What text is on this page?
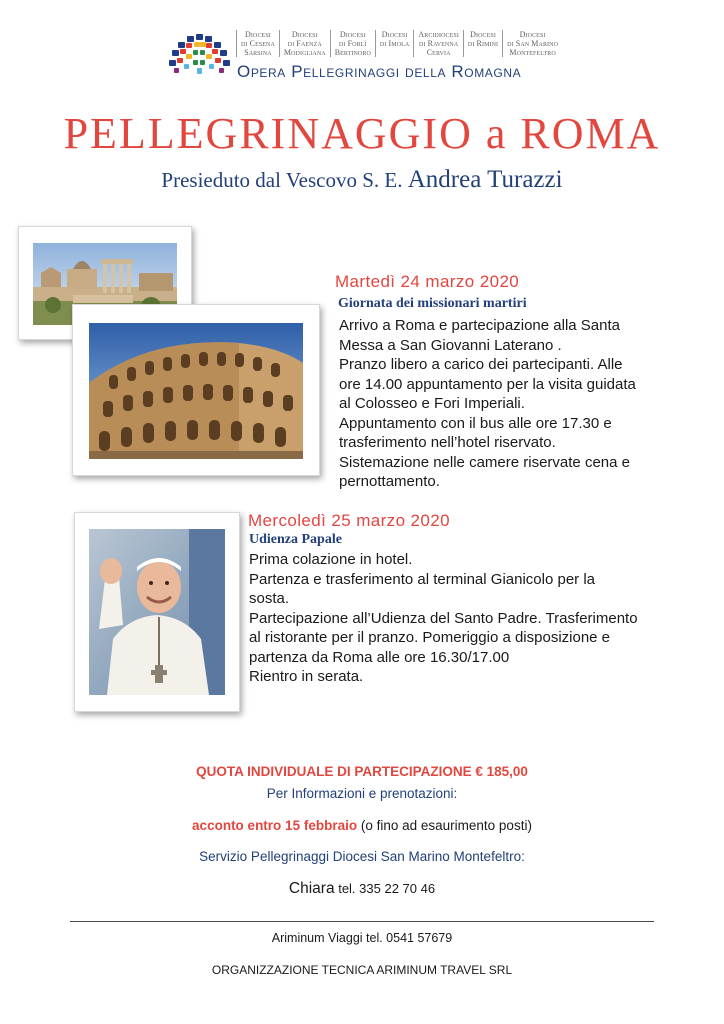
Diocesi
di Cesena
Sarsina
Diocesi
di Faenza
Modigliana
Diocesi
di Forlì
Bertinoro
Diocesi
di Imola
Arcidiocesi
di Ravenna
Cervia
Diocesi
di Rimini
Diocesi
di San Marino
Montefeltro
Opera Pellegrinaggi della Romagna
PELLEGRINAGGIO a ROMA
Presieduto dal Vescovo S. E. Andrea Turazzi
Martedì 24 marzo 2020
Giornata dei missionari martiri
Arrivo a Roma e partecipazione alla Santa
Messa a San Giovanni Laterano .
Pranzo libero a carico dei partecipanti. Alle
ore 14.00 appuntamento per la visita guidata
al Colosseo e Fori Imperiali.
Appuntamento con il bus alle ore 17.30 e
trasferimento nell’hotel riservato.
Sistemazione nelle camere riservate cena e
pernottamento.
Mercoledì 25 marzo 2020
Udienza Papale
Prima colazione in hotel.
Partenza e trasferimento al terminal Gianicolo per la
sosta.
Partecipazione all’Udienza del Santo Padre. Trasferimento
al ristorante per il pranzo. Pomeriggio a disposizione e
partenza da Roma alle ore 16.30/17.00
Rientro in serata.
QUOTA INDIVIDUALE DI PARTECIPAZIONE € 185,00
Per Informazioni e prenotazioni:
acconto entro 15 febbraio (o fino ad esaurimento posti)
Servizio Pellegrinaggi Diocesi San Marino Montefeltro:
Chiara tel. 335 22 70 46
Ariminum Viaggi tel. 0541 57679
ORGANIZZAZIONE TECNICA ARIMINUM TRAVEL SRL
